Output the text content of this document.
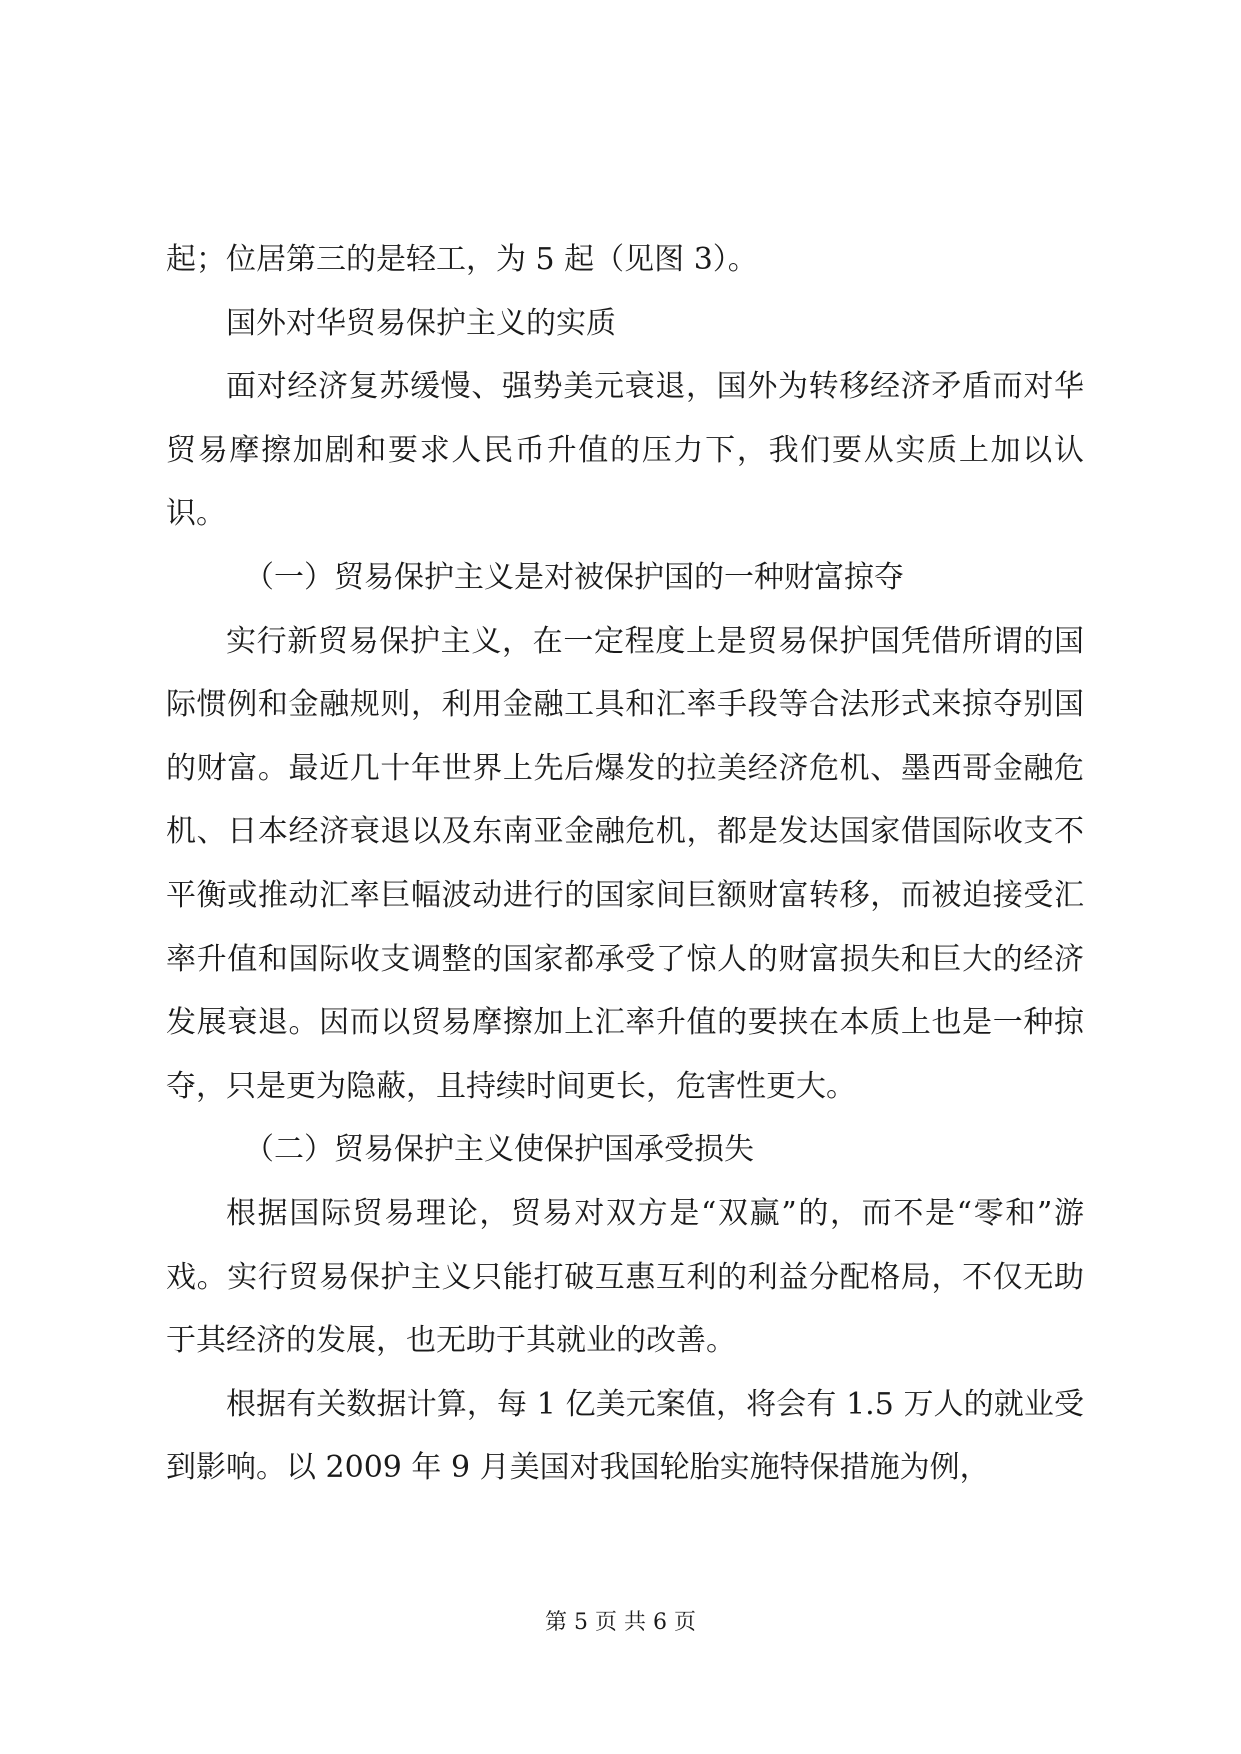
起；位居第三的是轻工，为 5 起（见图 3）。

国外对华贸易保护主义的实质

面对经济复苏缓慢、强势美元衰退，国外为转移经济矛盾而对华贸易摩擦加剧和要求人民币升值的压力下，我们要从实质上加以认识。

（一）贸易保护主义是对被保护国的一种财富掠夺

实行新贸易保护主义，在一定程度上是贸易保护国凭借所谓的国际惯例和金融规则，利用金融工具和汇率手段等合法形式来掠夺别国的财富。最近几十年世界上先后爆发的拉美经济危机、墨西哥金融危机、日本经济衰退以及东南亚金融危机，都是发达国家借国际收支不平衡或推动汇率巨幅波动进行的国家间巨额财富转移，而被迫接受汇率升值和国际收支调整的国家都承受了惊人的财富损失和巨大的经济发展衰退。因而以贸易摩擦加上汇率升值的要挟在本质上也是一种掠夺，只是更为隐蔽，且持续时间更长，危害性更大。

（二）贸易保护主义使保护国承受损失

根据国际贸易理论，贸易对双方是“双赢”的，而不是“零和”游戏。实行贸易保护主义只能打破互惠互利的利益分配格局，不仅无助于其经济的发展，也无助于其就业的改善。

根据有关数据计算，每 1 亿美元案值，将会有 1.5 万人的就业受到影响。以 2009 年 9 月美国对我国轮胎实施特保措施为例，

第 5 页 共 6 页
